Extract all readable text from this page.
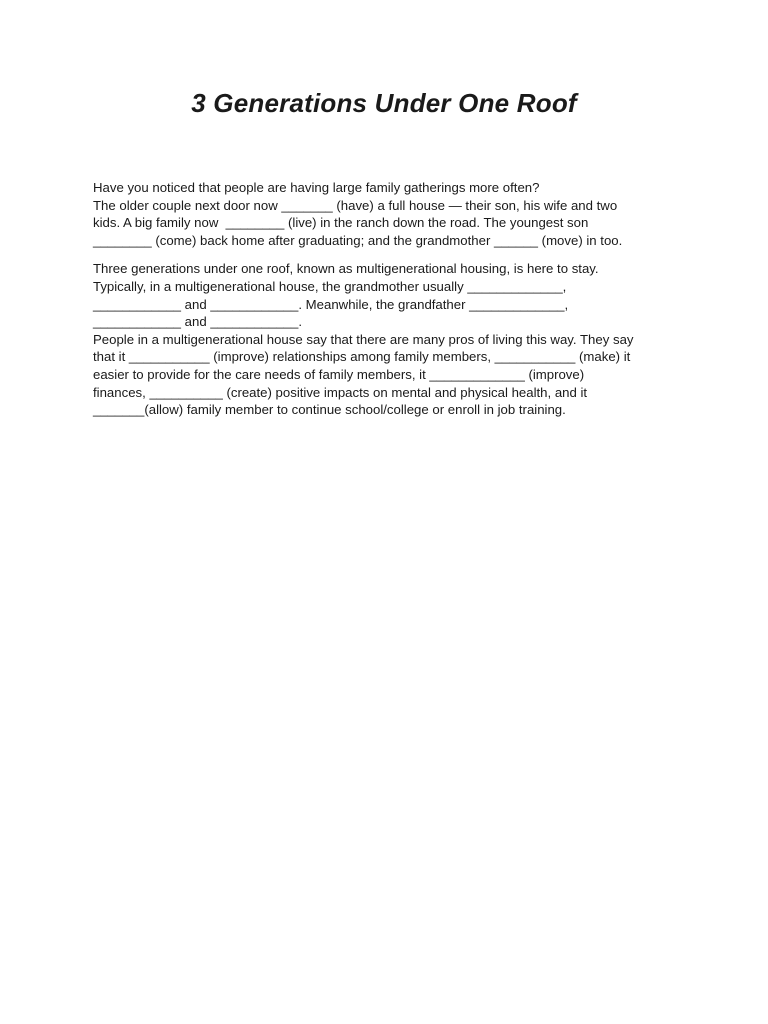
3 Generations Under One Roof
Have you noticed that people are having large family gatherings more often?
The older couple next door now _______ (have) a full house — their son, his wife and two
kids. A big family now  ________ (live) in the ranch down the road. The youngest son
________ (come) back home after graduating; and the grandmother ______ (move) in too.
Three generations under one roof, known as multigenerational housing, is here to stay.
Typically, in a multigenerational house, the grandmother usually _____________,
____________ and ____________. Meanwhile, the grandfather _____________,
____________ and ____________.
People in a multigenerational house say that there are many pros of living this way. They say
that it ___________ (improve) relationships among family members, ___________ (make) it
easier to provide for the care needs of family members, it _____________ (improve)
finances, __________ (create) positive impacts on mental and physical health, and it
_______(allow) family member to continue school/college or enroll in job training.
